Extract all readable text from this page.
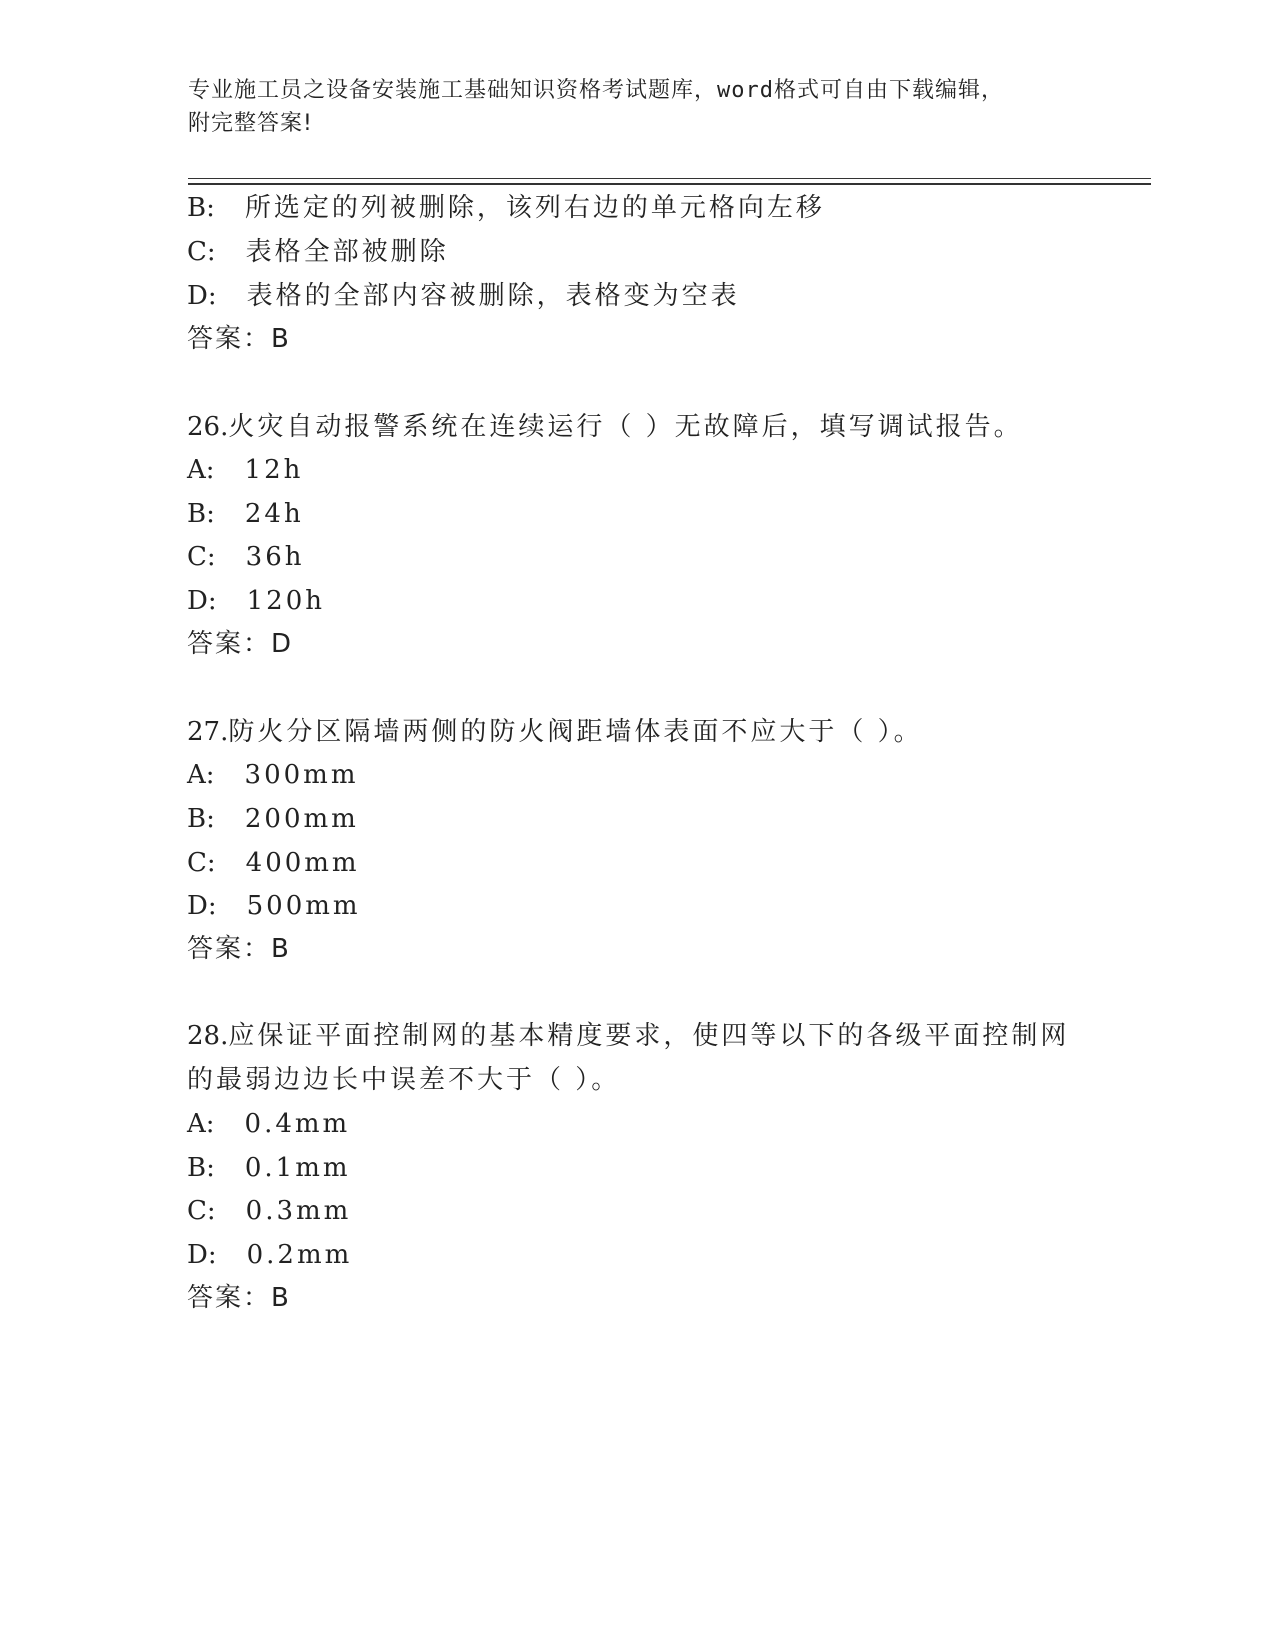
专业施工员之设备安装施工基础知识资格考试题库，word格式可自由下载编辑，
附完整答案!
B: 所选定的列被删除，该列右边的单元格向左移
C: 表格全部被删除
D: 表格的全部内容被删除，表格变为空表
答案：B
26.火灾自动报警系统在连续运行（ ）无故障后，填写调试报告。
A: 12h
B: 24h
C: 36h
D: 120h
答案：D
27.防火分区隔墙两侧的防火阀距墙体表面不应大于（ ）。
A: 300mm
B: 200mm
C: 400mm
D: 500mm
答案：B
28.应保证平面控制网的基本精度要求，使四等以下的各级平面控制网
的最弱边边长中误差不大于（ ）。
A: 0.4mm
B: 0.1mm
C: 0.3mm
D: 0.2mm
答案：B
